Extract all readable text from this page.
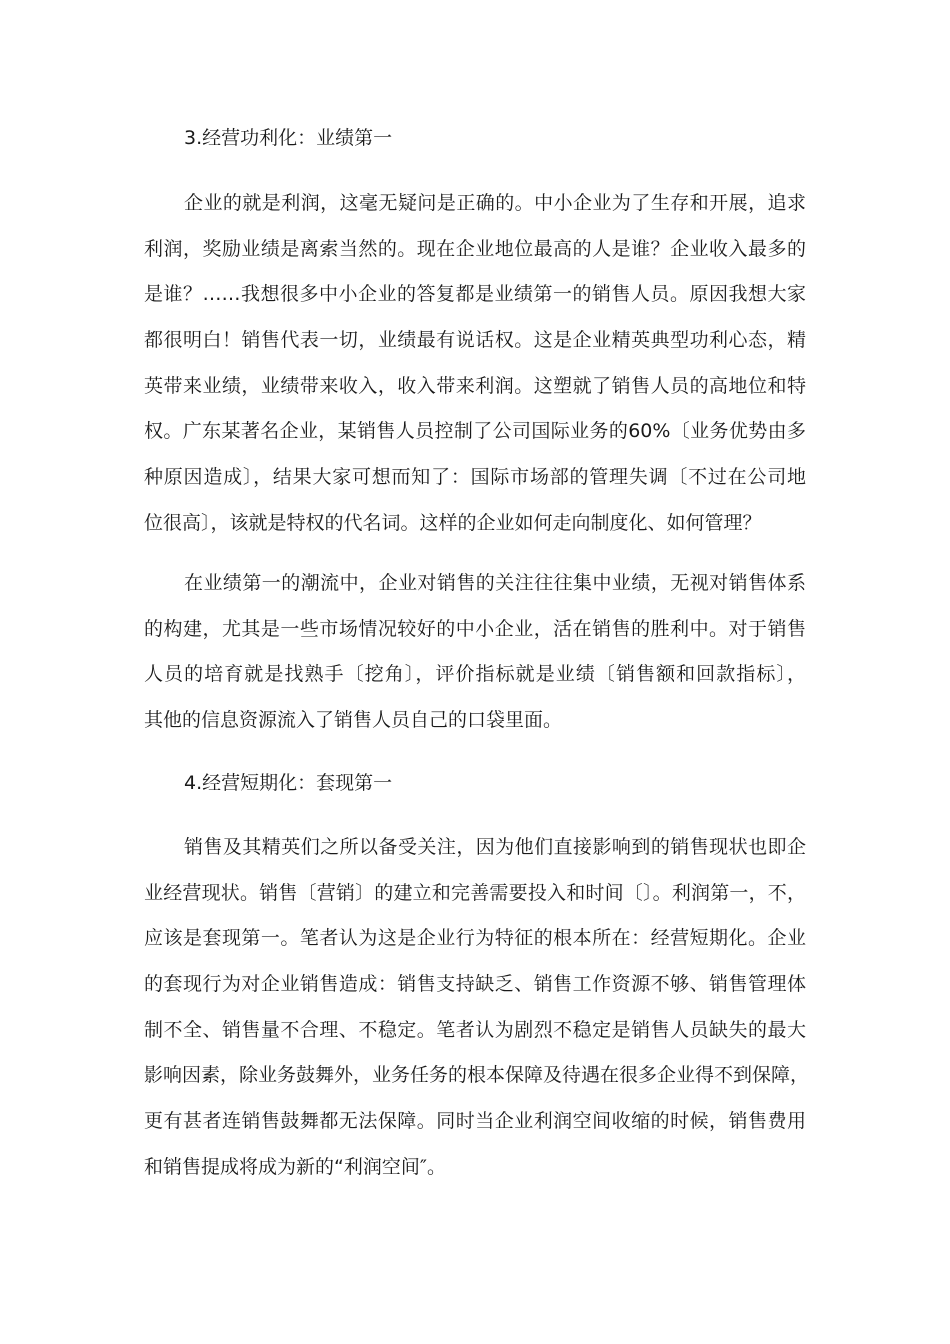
3.经营功利化：业绩第一
企业的就是利润，这毫无疑问是正确的。中小企业为了生存和开展，追求
利润，奖励业绩是离索当然的。现在企业地位最高的人是谁？企业收入最多的
是谁？……我想很多中小企业的答复都是业绩第一的销售人员。原因我想大家
都很明白！销售代表一切，业绩最有说话权。这是企业精英典型功利心态，精
英带来业绩，业绩带来收入，收入带来利润。这塑就了销售人员的高地位和特
权。广东某著名企业，某销售人员控制了公司国际业务的60%〔业务优势由多
种原因造成〕，结果大家可想而知了：国际市场部的管理失调〔不过在公司地
位很高〕，该就是特权的代名词。这样的企业如何走向制度化、如何管理？
在业绩第一的潮流中，企业对销售的关注往往集中业绩，无视对销售体系
的构建，尤其是一些市场情况较好的中小企业，活在销售的胜利中。对于销售
人员的培育就是找熟手〔挖角〕，评价指标就是业绩〔销售额和回款指标〕，
其他的信息资源流入了销售人员自己的口袋里面。
4.经营短期化：套现第一
销售及其精英们之所以备受关注，因为他们直接影响到的销售现状也即企
业经营现状。销售〔营销〕的建立和完善需要投入和时间〔〕。利润第一，不，
应该是套现第一。笔者认为这是企业行为特征的根本所在：经营短期化。企业
的套现行为对企业销售造成：销售支持缺乏、销售工作资源不够、销售管理体
制不全、销售量不合理、不稳定。笔者认为剧烈不稳定是销售人员缺失的最大
影响因素，除业务鼓舞外，业务任务的根本保障及待遇在很多企业得不到保障，
更有甚者连销售鼓舞都无法保障。同时当企业利润空间收缩的时候，销售费用
和销售提成将成为新的“利润空间″。
